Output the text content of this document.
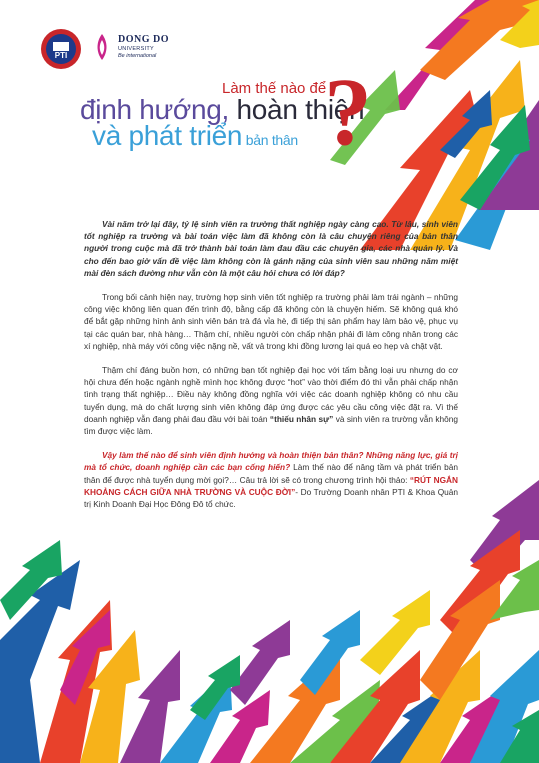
PTI
DONG DO
UNIVERSITY
Be international
Làm thế nào để
định hướng, hoàn thiện
và phát triển bản thân ?

Vài năm trở lại đây, tỷ lệ sinh viên ra trường thất nghiệp ngày càng cao. Từ lâu, sinh viên tốt nghiệp ra trường và bài toán việc làm đã không còn là câu chuyện riêng của bản thân người trong cuộc mà đã trở thành bài toán làm đau đầu các chuyên gia, các nhà quản lý. Và cho đến bao giờ vấn đề việc làm không còn là gánh nặng của sinh viên sau những năm miệt mài đèn sách đường như vẫn còn là một câu hỏi chưa có lời đáp?

Trong bối cảnh hiện nay, trường hợp sinh viên tốt nghiệp ra trường phải làm trái ngành – những công việc không liên quan đến trình độ, bằng cấp đã không còn là chuyện hiếm. Sẽ không quá khó để bắt gặp những hình ảnh sinh viên bán trà đá vỉa hè, đi tiếp thị sản phẩm hay làm bảo vệ, phục vụ tại các quán bar, nhà hàng… Thậm chí, nhiều người còn chấp nhận phải đi làm công nhân trong các xí nghiệp, nhà máy với công việc nặng nề, vất vả trong khi đồng lương lại quá eo hẹp và chật vật.

Thậm chí đáng buồn hơn, có những bạn tốt nghiệp đại học với tấm bằng loại ưu nhưng do cơ hội chưa đến hoặc ngành nghề mình học không được “hot” vào thời điểm đó thì vẫn phải chấp nhận tình trạng thất nghiệp… Điều này không đồng nghĩa với việc các doanh nghiệp không có nhu cầu tuyển dụng, mà do chất lượng sinh viên không đáp ứng được các yêu cầu công việc đặt ra. Vì thế doanh nghiệp vẫn đang phải đau đầu với bài toán “thiếu nhân sự” và sinh viên ra trường vẫn không tìm được việc làm.

Vậy làm thế nào để sinh viên định hướng và hoàn thiện bản thân? Những năng lực, giá trị mà tổ chức, doanh nghiệp cần các bạn cống hiến? Làm thế nào để nâng tầm và phát triển bản thân để được nhà tuyển dụng mời gọi?… Câu trả lời sẽ có trong chương trình hội thảo: “RÚT NGẮN KHOẢNG CÁCH GIỮA NHÀ TRƯỜNG VÀ CUỘC ĐỜI”- Do Trường Doanh nhân PTI & Khoa Quản trị Kinh Doanh Đại Học Đông Đô tổ chức.
